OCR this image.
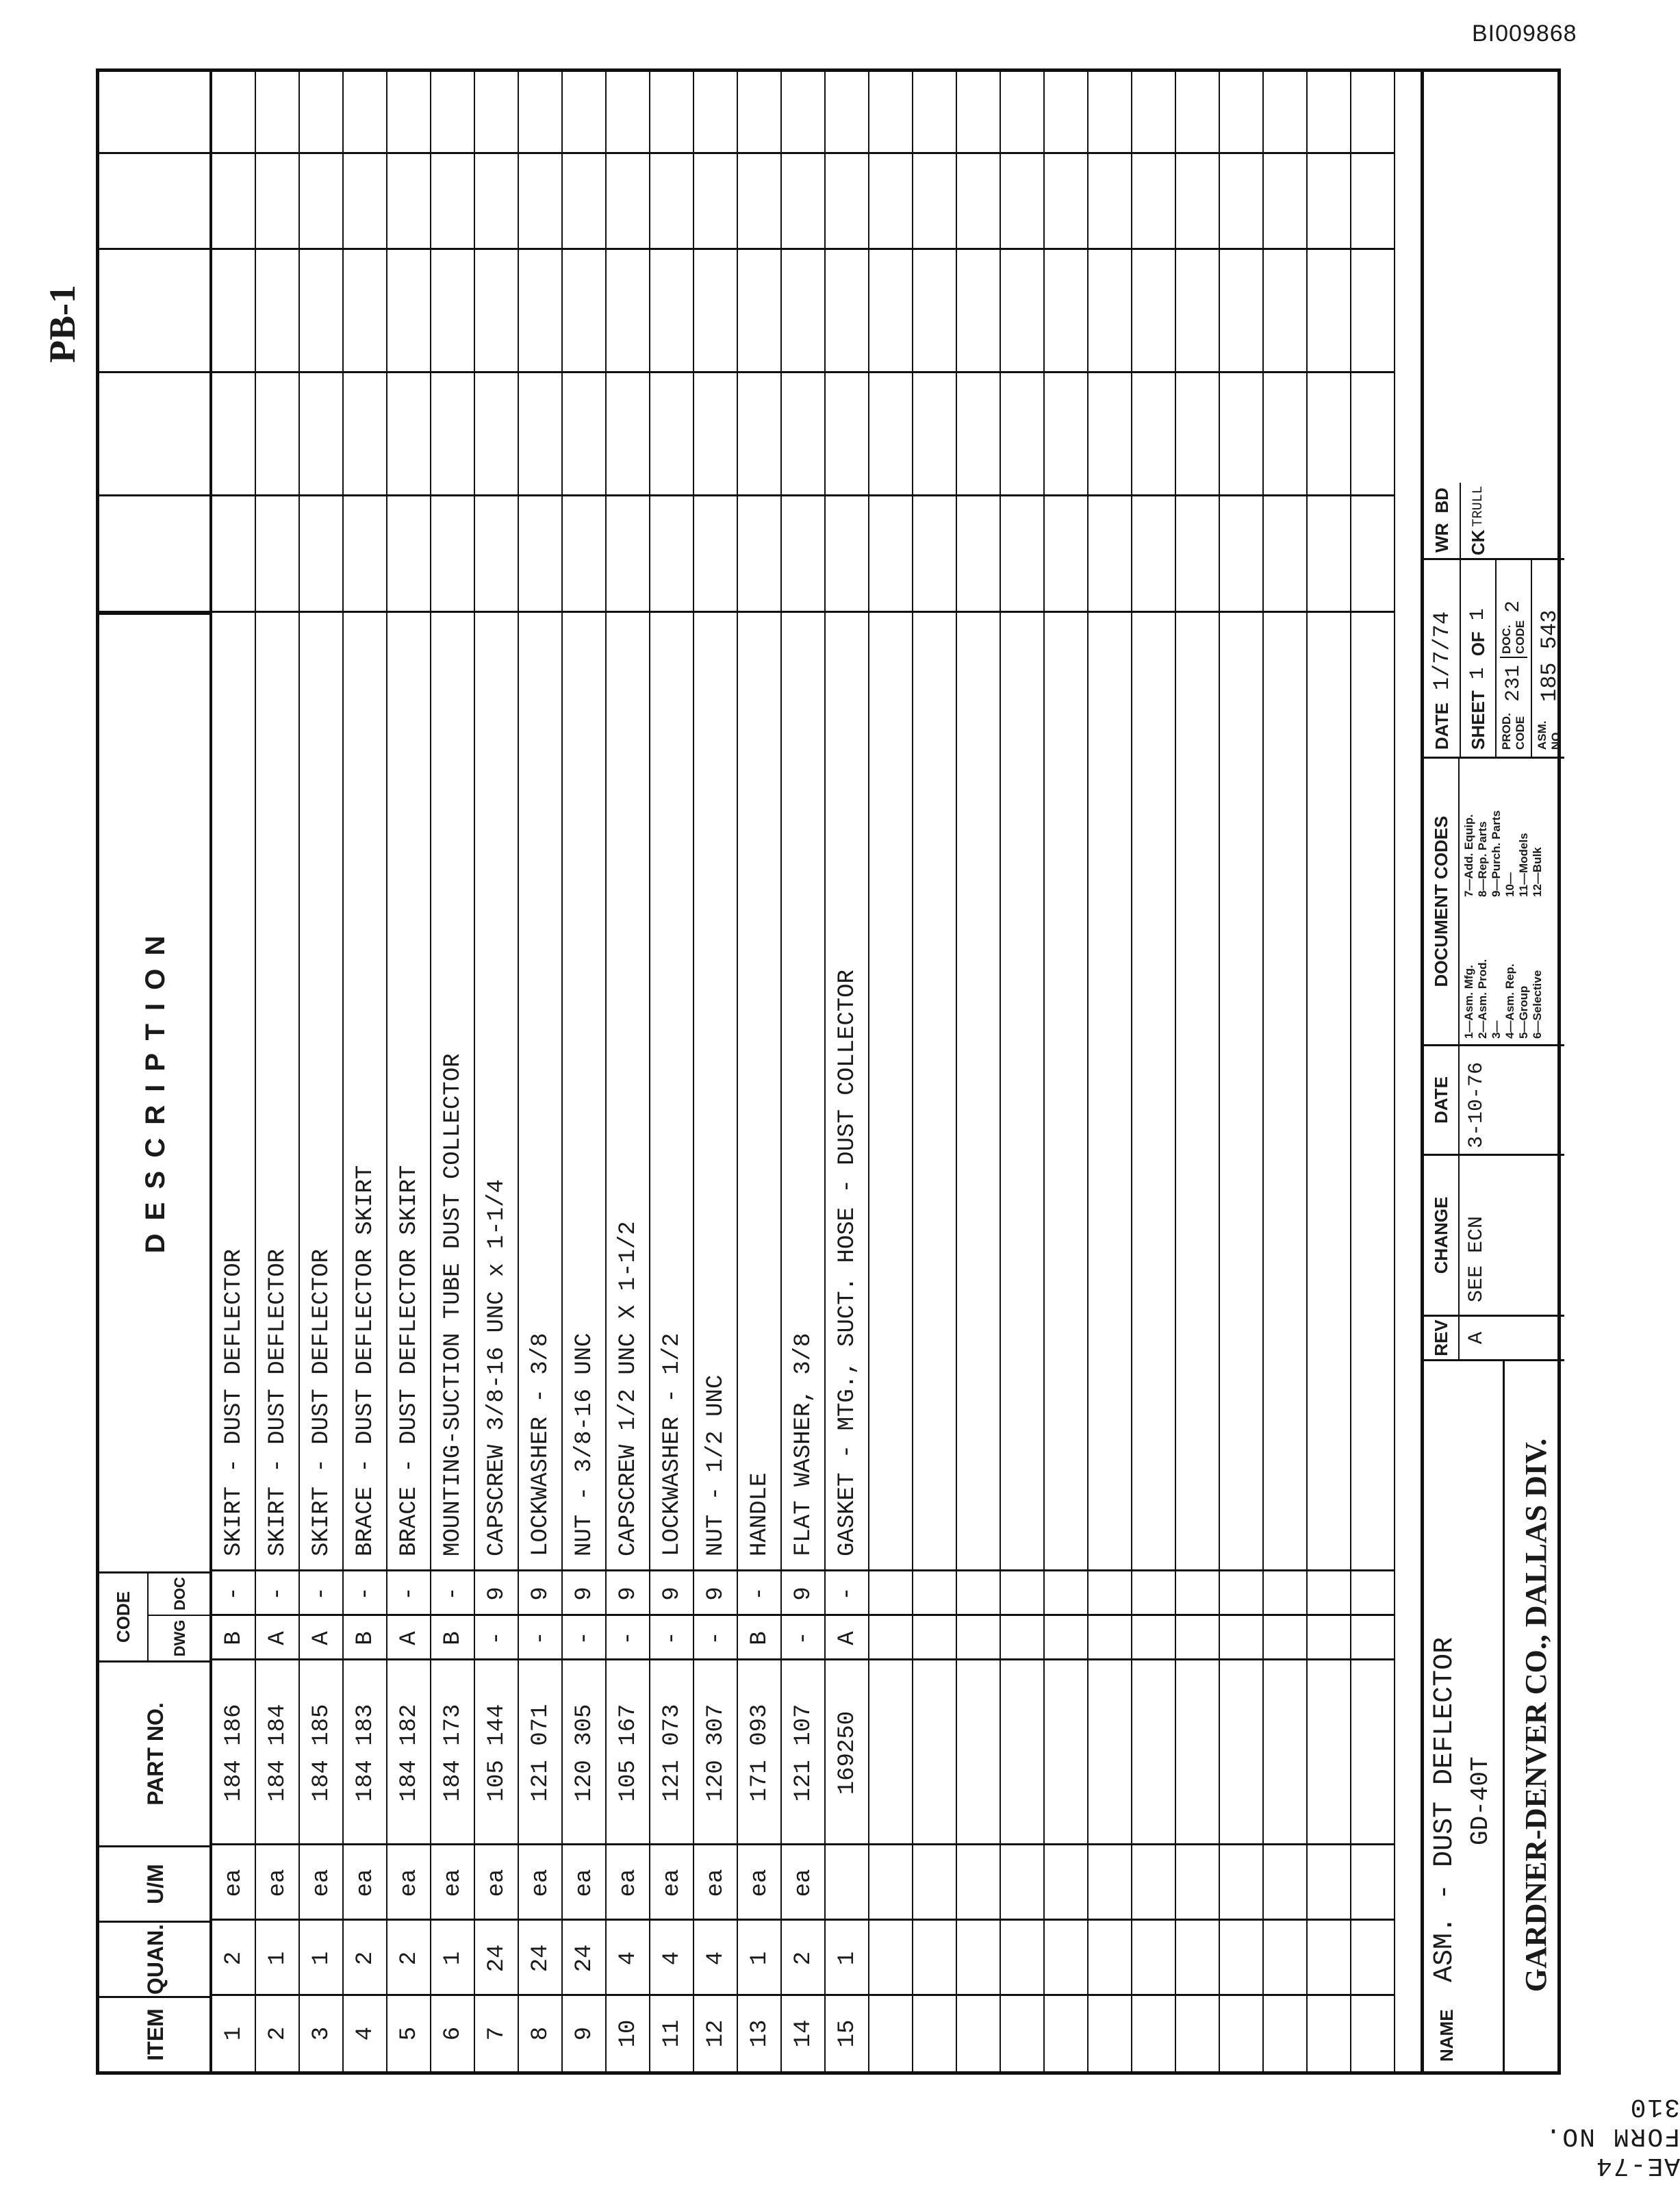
BI009868
PB-1
AE-74 FORM NO. 310
ITEM
QUAN.
U/M
PART NO.
CODE	DWG
DOC
D E S C R I P T I O N
1
2
ea
184 186
B
-
SKIRT - DUST DEFLECTOR
2
1
ea
184 184
A
-
SKIRT - DUST DEFLECTOR
3
1
ea
184 185
A
-
SKIRT - DUST DEFLECTOR
4
2
ea
184 183
B
-
BRACE - DUST DEFLECTOR SKIRT
5
2
ea
184 182
A
-
BRACE - DUST DEFLECTOR SKIRT
6
1
ea
184 173
B
-
MOUNTING-SUCTION TUBE DUST COLLECTOR
7
24
ea
105 144
-
9
CAPSCREW 3/8-16 UNC x 1-1/4
8
24
ea
121 071
-
9
LOCKWASHER - 3/8
9
24
ea
120 305
-
9
NUT - 3/8-16 UNC
10
4
ea
105 167
-
9
CAPSCREW 1/2 UNC X 1-1/2
11
4
ea
121 073
-
9
LOCKWASHER - 1/2
12
4
ea
120 307
-
9
NUT - 1/2 UNC
13
1
ea
171 093
B
-
HANDLE
14
2
ea
121 107
-
9
FLAT WASHER, 3/8
15
1
169250
A
-
GASKET - MTG., SUCT. HOSE - DUST COLLECTOR
NAME
ASM. - DUST DEFLECTOR GD-40T GARDNER-DENVER CO., DALLAS DIV.
REV A
CHANGE SEE ECN
DATE 3-10-76
DOCUMENT CODES
1—Asm. Mfg. 2—Asm. Prod. 3— 4—Asm. Rep. 5—Group 6—Selective
7—Add. Equip. 8—Rep. Parts 9—Purch. Parts 10— 11—Models 12—Bulk
DATE
1/7/74
SHEET
1
OF
1
PROD. CODE
231
DOC. CODE
2
ASM. NO.
185 543
WR
BD
CK
TRULL
